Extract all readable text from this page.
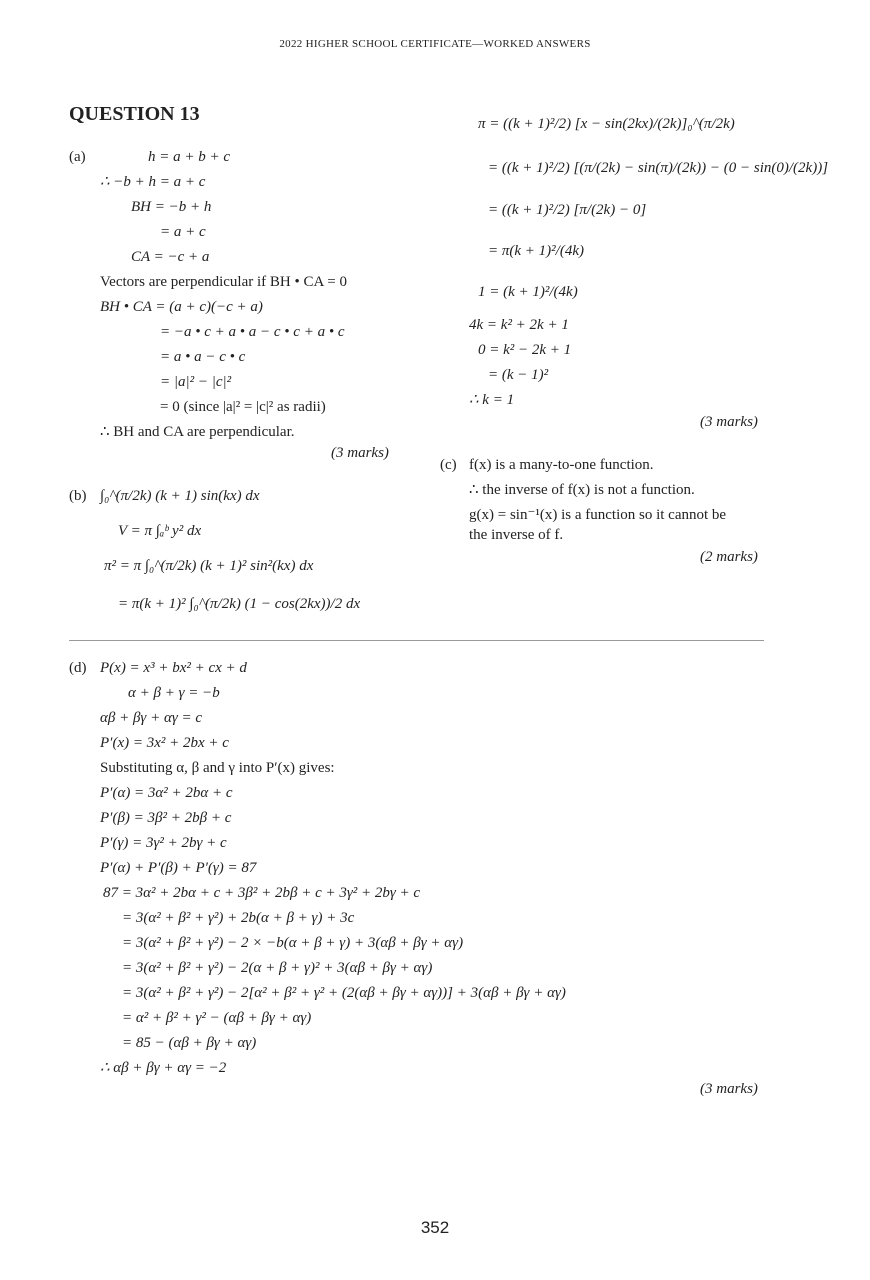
2022 HIGHER SCHOOL CERTIFICATE—WORKED ANSWERS
QUESTION 13
(a)	h = a + b + c
∴ −b + h = a + c
BH = −b + h
= a + c
CA = −c + a
Vectors are perpendicular if BH • CA = 0
BH • CA = (a + c)(−c + a)
= −a • c + a • a − c • c + a • c
= a • a − c • c
= |a|² − |c|²
= 0 (since |a|² = |c|² as radii)
∴ BH and CA are perpendicular.
(3 marks)
(b) ∫₀^(π/2k) (k + 1) sin(kx) dx
V = π ∫ₐᵇ y² dx
π² = π ∫₀^(π/2k) (k + 1)² sin²(kx) dx
= π(k + 1)² ∫₀^(π/2k) (1 − cos(2kx))/2 dx
π = ((k + 1)²/2) [x − sin(2kx)/(2k)]₀^(π/2k)
= ((k + 1)²/2) [(π/(2k) − sin(π)/(2k)) − (0 − sin(0)/(2k))]
= ((k + 1)²/2) [π/(2k) − 0]
= π(k + 1)²/(4k)
1 = (k + 1)²/(4k)
4k = k² + 2k + 1
0 = k² − 2k + 1
= (k − 1)²
∴ k = 1
(3 marks)
(c) f(x) is a many-to-one function.
∴ the inverse of f(x) is not a function.
g(x) = sin⁻¹(x) is a function so it cannot be
the inverse of f.
(2 marks)
(d) P(x) = x³ + bx² + cx + d
α + β + γ = −b
αβ + βγ + αγ = c
P′(x) = 3x² + 2bx + c
Substituting α, β and γ into P′(x) gives:
P′(α) = 3α² + 2bα + c
P′(β) = 3β² + 2bβ + c
P′(γ) = 3γ² + 2bγ + c
P′(α) + P′(β) + P′(γ) = 87
87 = 3α² + 2bα + c + 3β² + 2bβ + c + 3γ² + 2bγ + c
= 3(α² + β² + γ²) + 2b(α + β + γ) + 3c
= 3(α² + β² + γ²) − 2 × −b(α + β + γ) + 3(αβ + βγ + αγ)
= 3(α² + β² + γ²) − 2(α + β + γ)² + 3(αβ + βγ + αγ)
= 3(α² + β² + γ²) − 2[α² + β² + γ² + (2(αβ + βγ + αγ))] + 3(αβ + βγ + αγ)
= α² + β² + γ² − (αβ + βγ + αγ)
= 85 − (αβ + βγ + αγ)
∴ αβ + βγ + αγ = −2
(3 marks)
352
